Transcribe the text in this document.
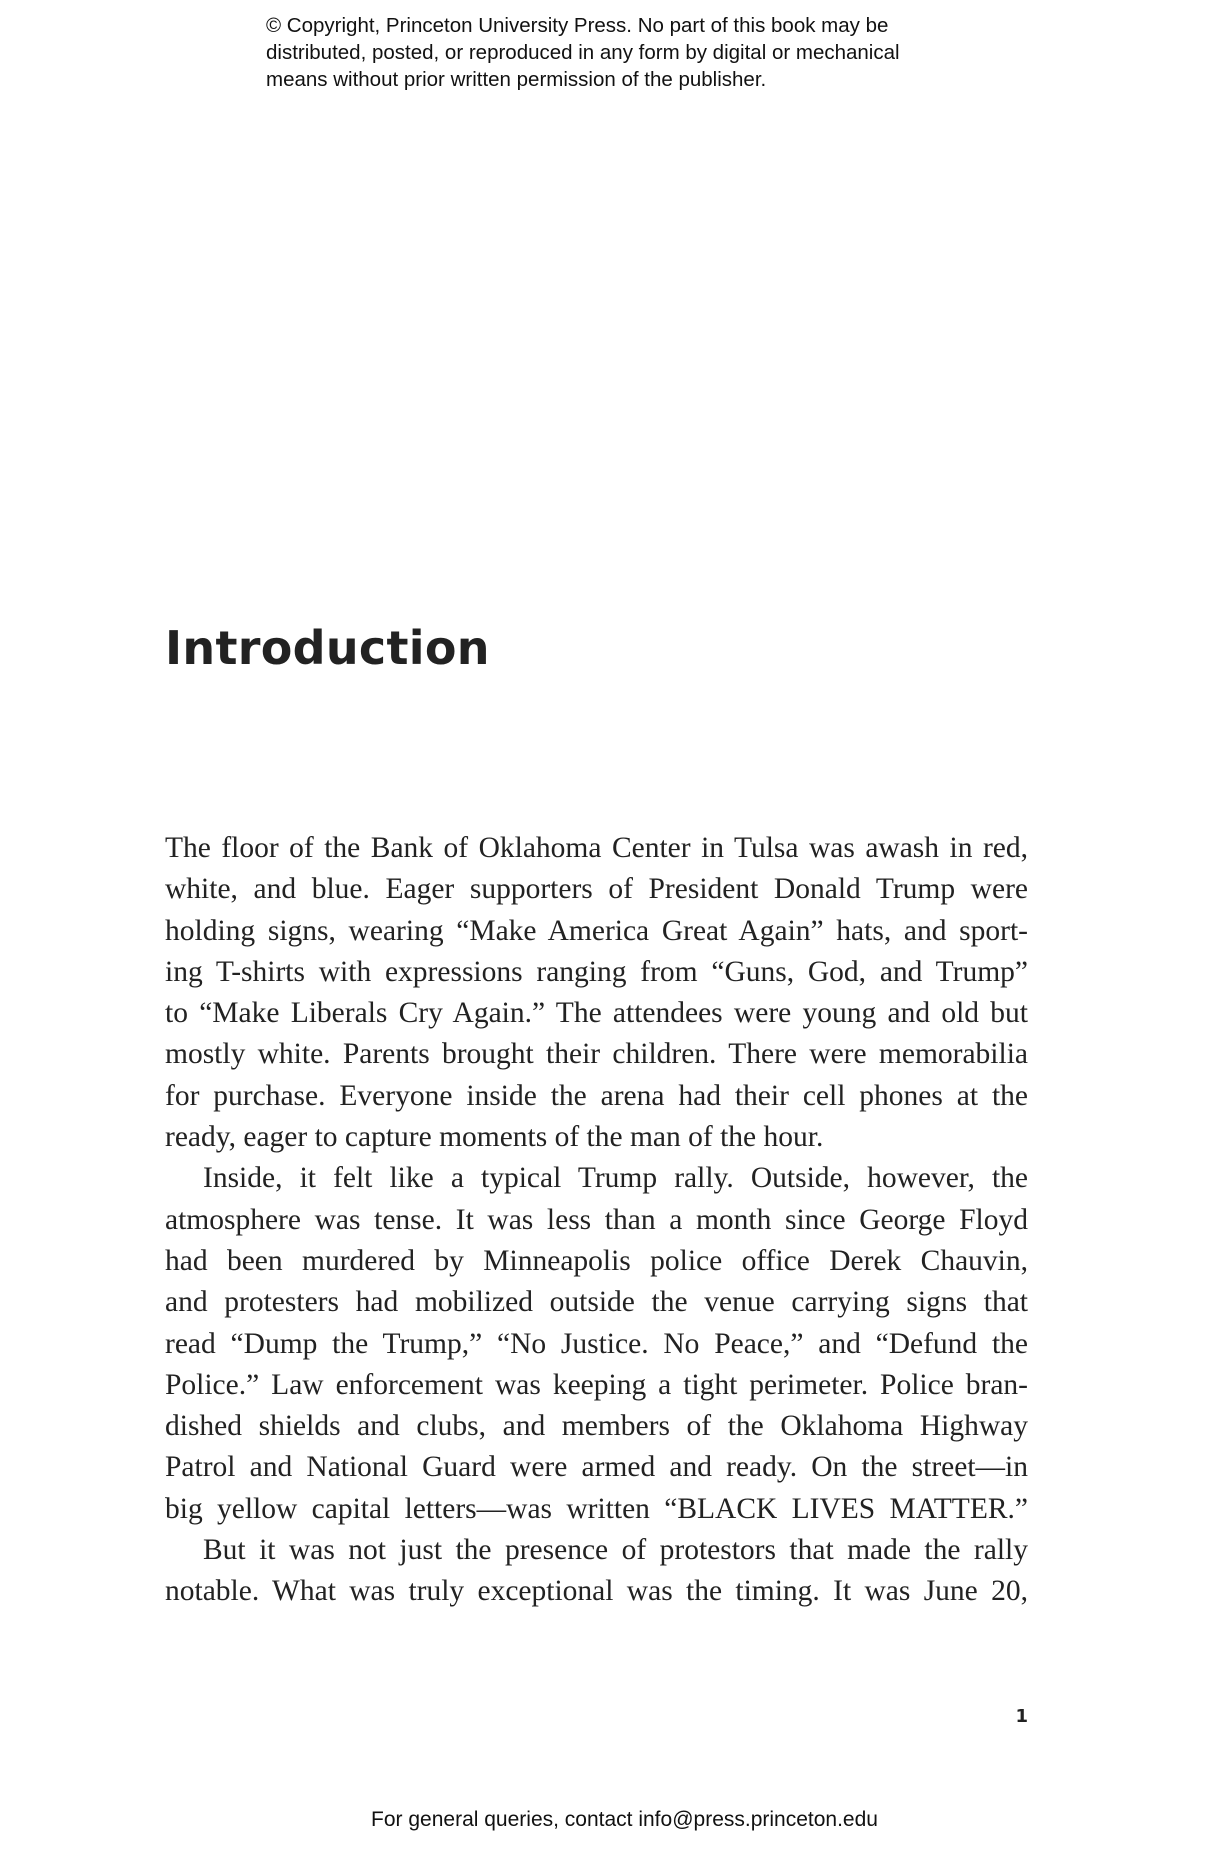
© Copyright, Princeton University Press. No part of this book may be
distributed, posted, or reproduced in any form by digital or mechanical
means without prior written permission of the publisher.
Introduction
The floor of the Bank of Oklahoma Center in Tulsa was awash in red,
white, and blue. Eager supporters of President Donald Trump were
holding signs, wearing “Make America Great Again” hats, and sport-
ing T-shirts with expressions ranging from “Guns, God, and Trump”
to “Make Liberals Cry Again.” The attendees were young and old but
mostly white. Parents brought their children. There were memorabilia
for purchase. Everyone inside the arena had their cell phones at the
ready, eager to capture moments of the man of the hour.
Inside, it felt like a typical Trump rally. Outside, however, the
atmosphere was tense. It was less than a month since George Floyd
had been murdered by Minneapolis police office Derek Chauvin,
and protesters had mobilized outside the venue carrying signs that
read “Dump the Trump,” “No Justice. No Peace,” and “Defund the
Police.” Law enforcement was keeping a tight perimeter. Police bran-
dished shields and clubs, and members of the Oklahoma Highway
Patrol and National Guard were armed and ready. On the street—in
big yellow capital letters—was written “BLACK LIVES MATTER.”
But it was not just the presence of protestors that made the rally
notable. What was truly exceptional was the timing. It was June 20,
1
For general queries, contact info@press.princeton.edu
